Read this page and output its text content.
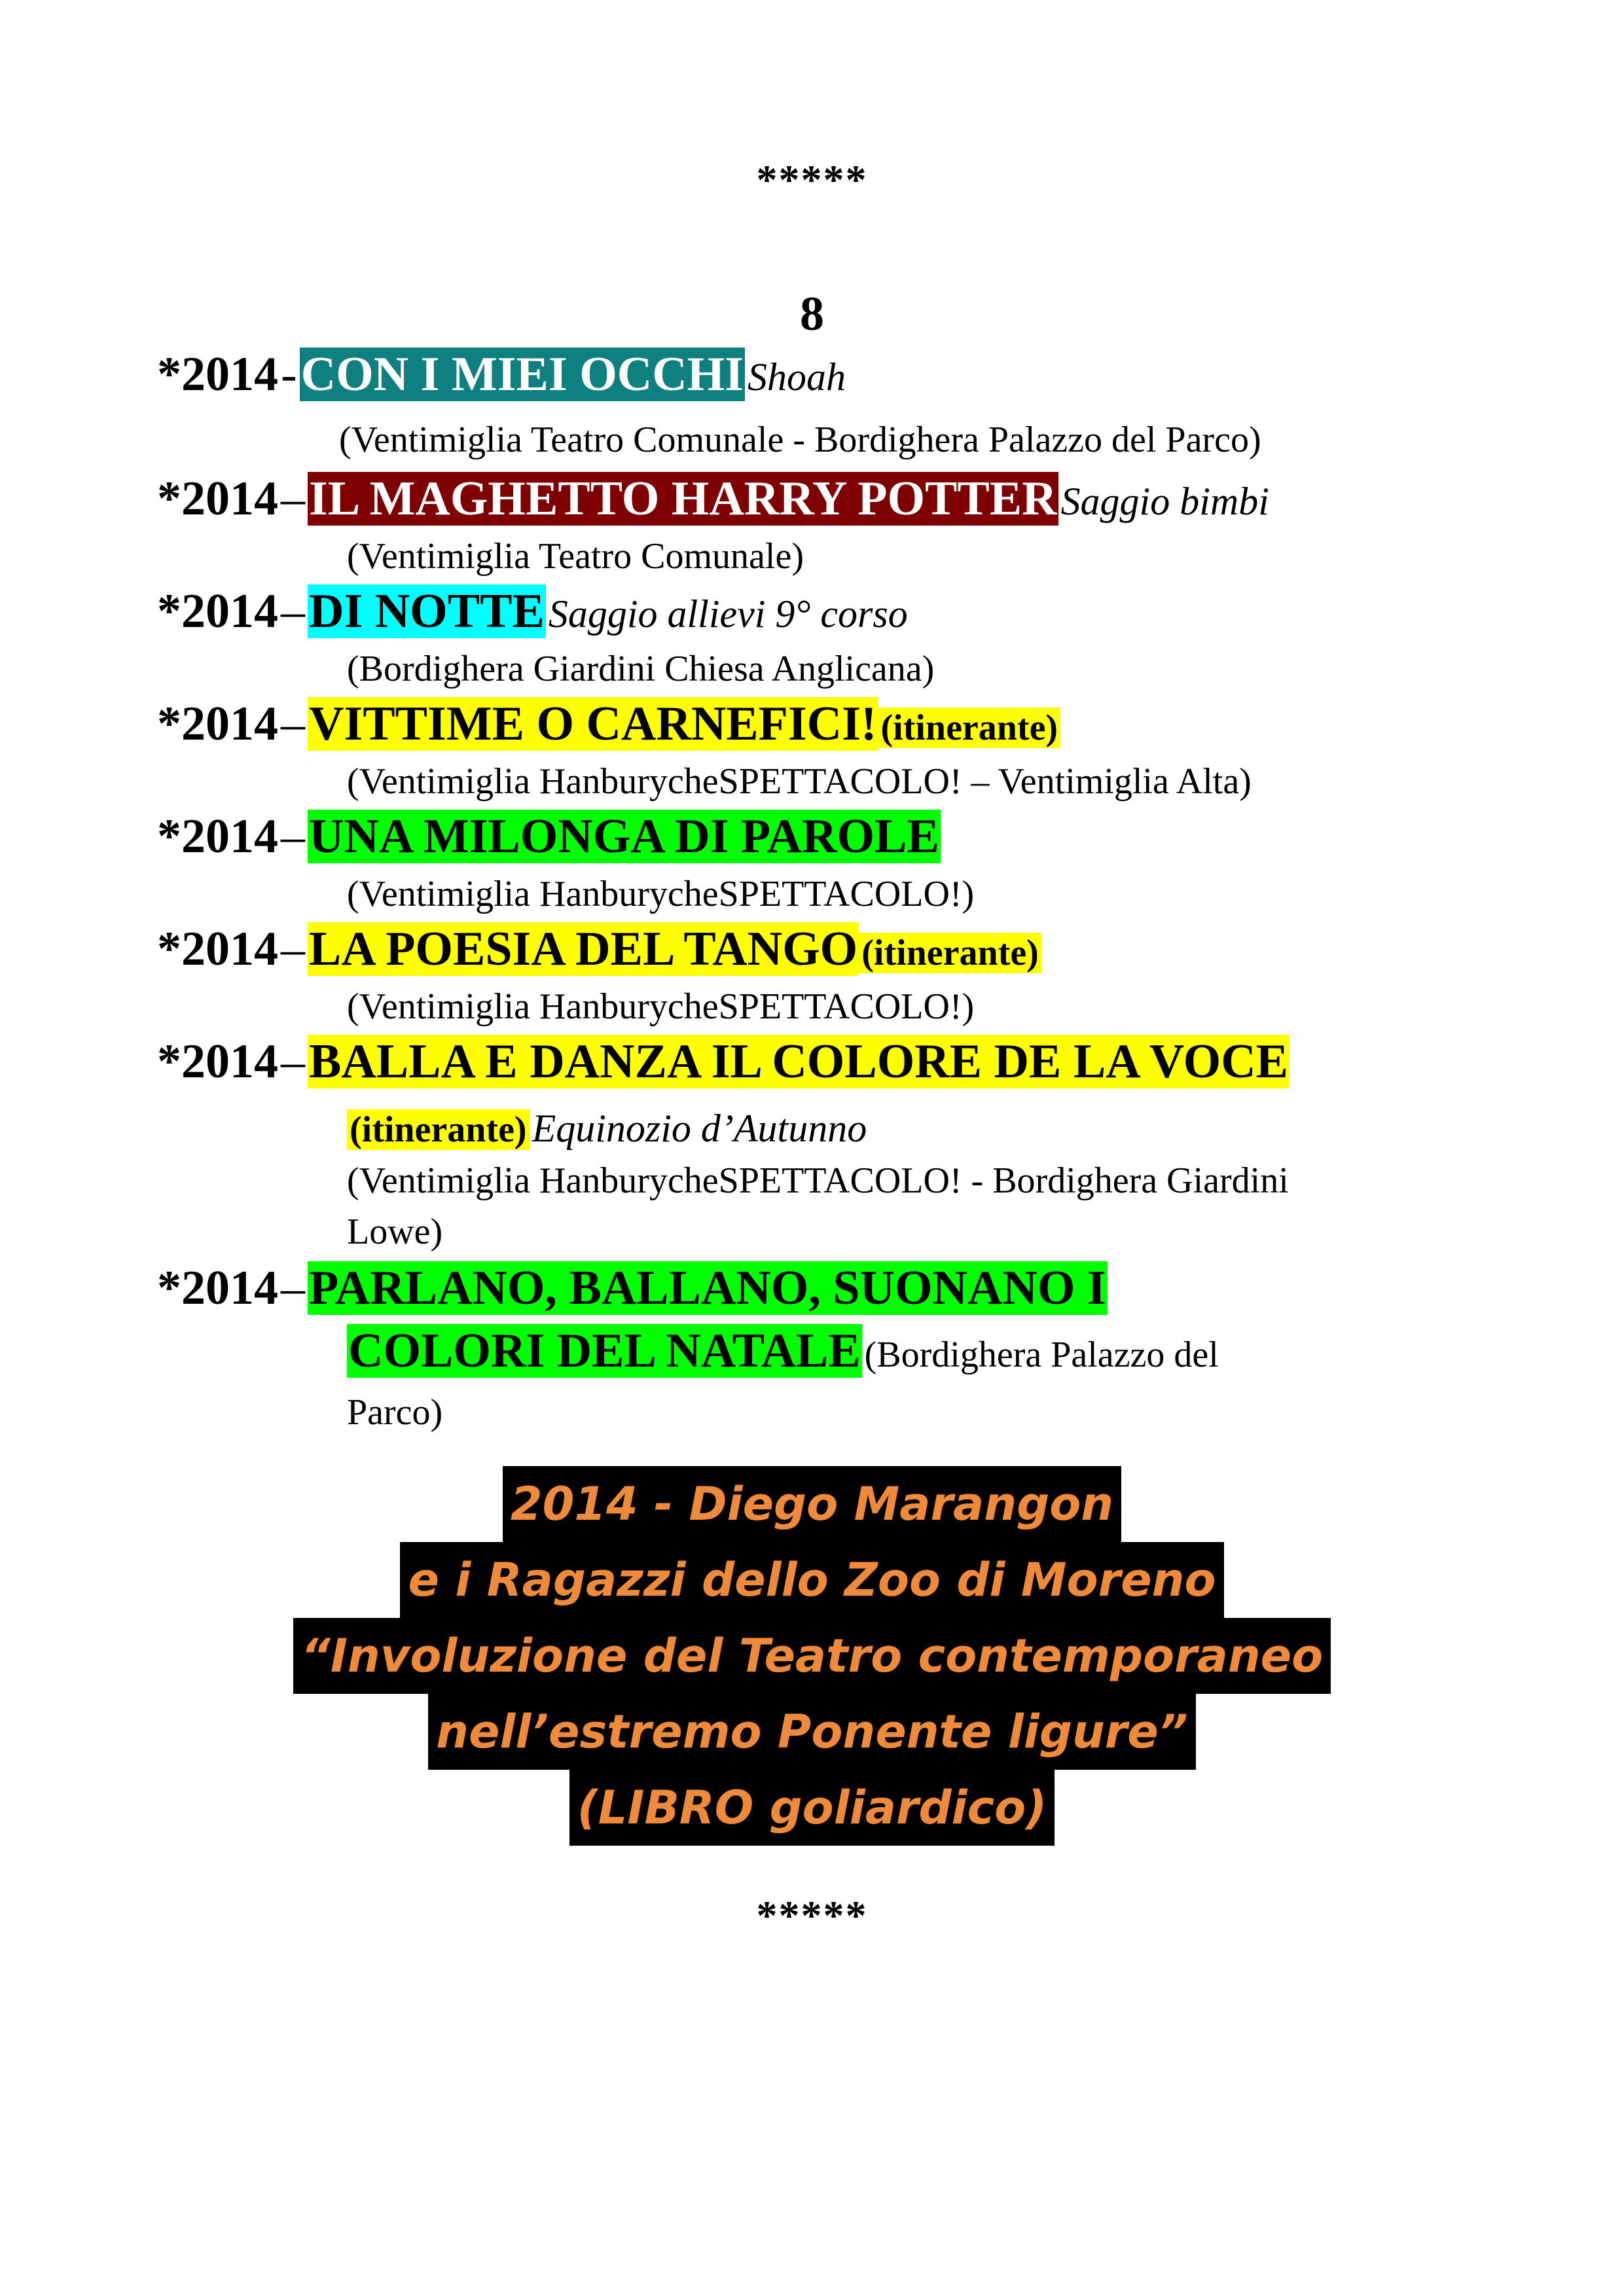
*****
8
*2014 - CON I MIEI OCCHI Shoah
(Ventimiglia Teatro Comunale - Bordighera Palazzo del Parco)
*2014 – IL MAGHETTO HARRY POTTER Saggio bimbi
(Ventimiglia Teatro Comunale)
*2014 – DI NOTTE Saggio allievi 9° corso
(Bordighera Giardini Chiesa Anglicana)
*2014 – VITTIME O CARNEFICI! (itinerante)
(Ventimiglia HanburycheSPETTACOLO! – Ventimiglia Alta)
*2014 – UNA MILONGA DI PAROLE
(Ventimiglia HanburycheSPETTACOLO!)
*2014 – LA POESIA DEL TANGO (itinerante)
(Ventimiglia HanburycheSPETTACOLO!)
*2014 – BALLA E DANZA IL COLORE DE LA VOCE
(itinerante) Equinozio d’Autunno
(Ventimiglia HanburycheSPETTACOLO! - Bordighera Giardini
Lowe)
*2014 – PARLANO, BALLANO, SUONANO I
COLORI DEL NATALE (Bordighera Palazzo del
Parco)
2014 - Diego Marangon
e i Ragazzi dello Zoo di Moreno
“Involuzione del Teatro contemporaneo
nell’estremo Ponente ligure”
(LIBRO goliardico)
*****
